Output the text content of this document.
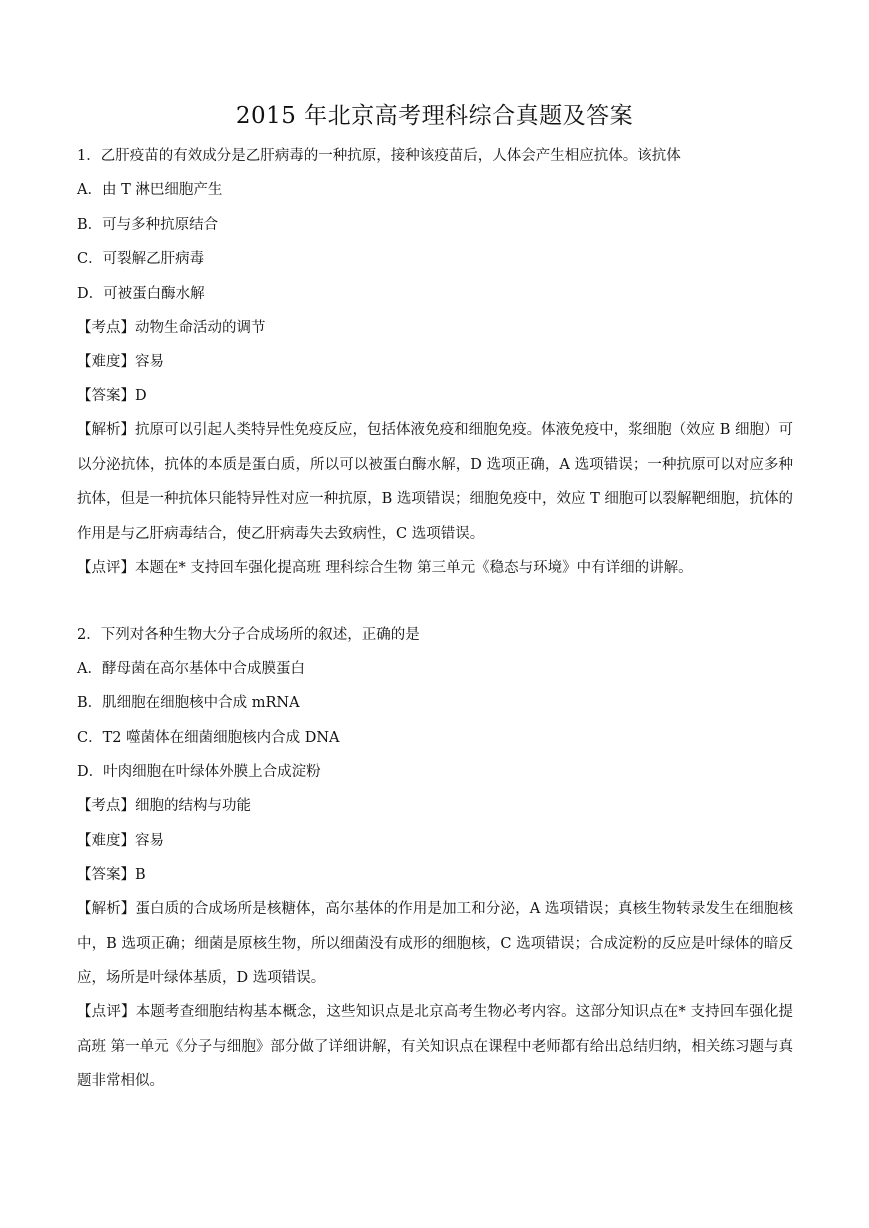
2015 年北京高考理科综合真题及答案
1．乙肝疫苗的有效成分是乙肝病毒的一种抗原，接种该疫苗后，人体会产生相应抗体。该抗体
A．由 T 淋巴细胞产生
B．可与多种抗原结合
C．可裂解乙肝病毒
D．可被蛋白酶水解
【考点】动物生命活动的调节
【难度】容易
【答案】D
【解析】抗原可以引起人类特异性免疫反应，包括体液免疫和细胞免疫。体液免疫中，浆细胞（效应 B 细胞）可以分泌抗体，抗体的本质是蛋白质，所以可以被蛋白酶水解，D 选项正确，A 选项错误；一种抗原可以对应多种抗体，但是一种抗体只能特异性对应一种抗原，B 选项错误；细胞免疫中，效应 T 细胞可以裂解靶细胞，抗体的作用是与乙肝病毒结合，使乙肝病毒失去致病性，C 选项错误。
【点评】本题在* 支持回车强化提高班 理科综合生物 第三单元《稳态与环境》中有详细的讲解。
2．下列对各种生物大分子合成场所的叙述，正确的是
A．酵母菌在高尔基体中合成膜蛋白
B．肌细胞在细胞核中合成 mRNA
C．T2 噬菌体在细菌细胞核内合成 DNA
D．叶肉细胞在叶绿体外膜上合成淀粉
【考点】细胞的结构与功能
【难度】容易
【答案】B
【解析】蛋白质的合成场所是核糖体，高尔基体的作用是加工和分泌，A 选项错误；真核生物转录发生在细胞核中，B 选项正确；细菌是原核生物，所以细菌没有成形的细胞核，C 选项错误；合成淀粉的反应是叶绿体的暗反应，场所是叶绿体基质，D 选项错误。
【点评】本题考查细胞结构基本概念，这些知识点是北京高考生物必考内容。这部分知识点在* 支持回车强化提高班 第一单元《分子与细胞》部分做了详细讲解，有关知识点在课程中老师都有给出总结归纳，相关练习题与真题非常相似。
